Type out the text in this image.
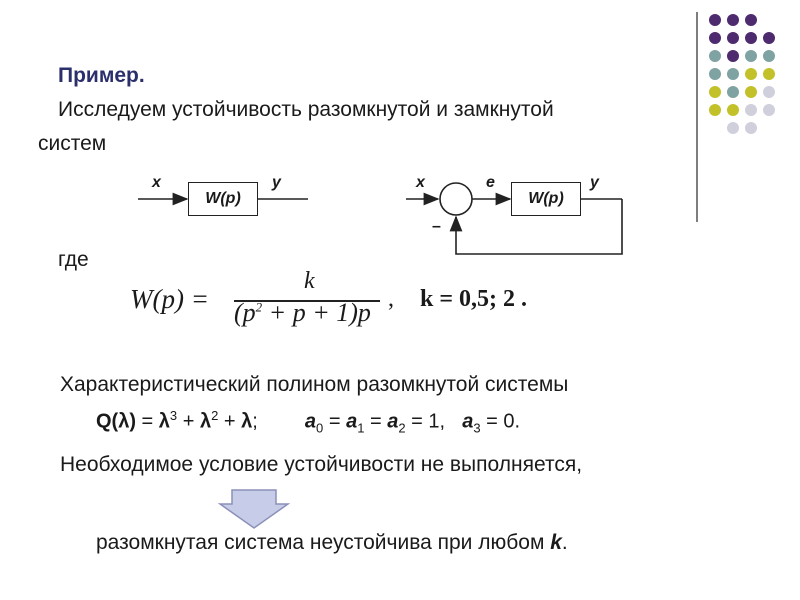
Пример.
Исследуем устойчивость разомкнутой и замкнутой
систем
x
W(p)
y	x	e	y
–
W(p)
где
W(p) =
k
$(p^2 + p + 1)p$ , k = 0,5; 2 .
Характеристический полином разомкнутой системы
$Q(\lambda) = \lambda^3 + \lambda^2 + \lambda$; $a_0 = a_1 = a_2 = 1$,  $a_3 = 0$.
Необходимое условие устойчивости не выполняется,
разомкнутая система неустойчива при любом k.
